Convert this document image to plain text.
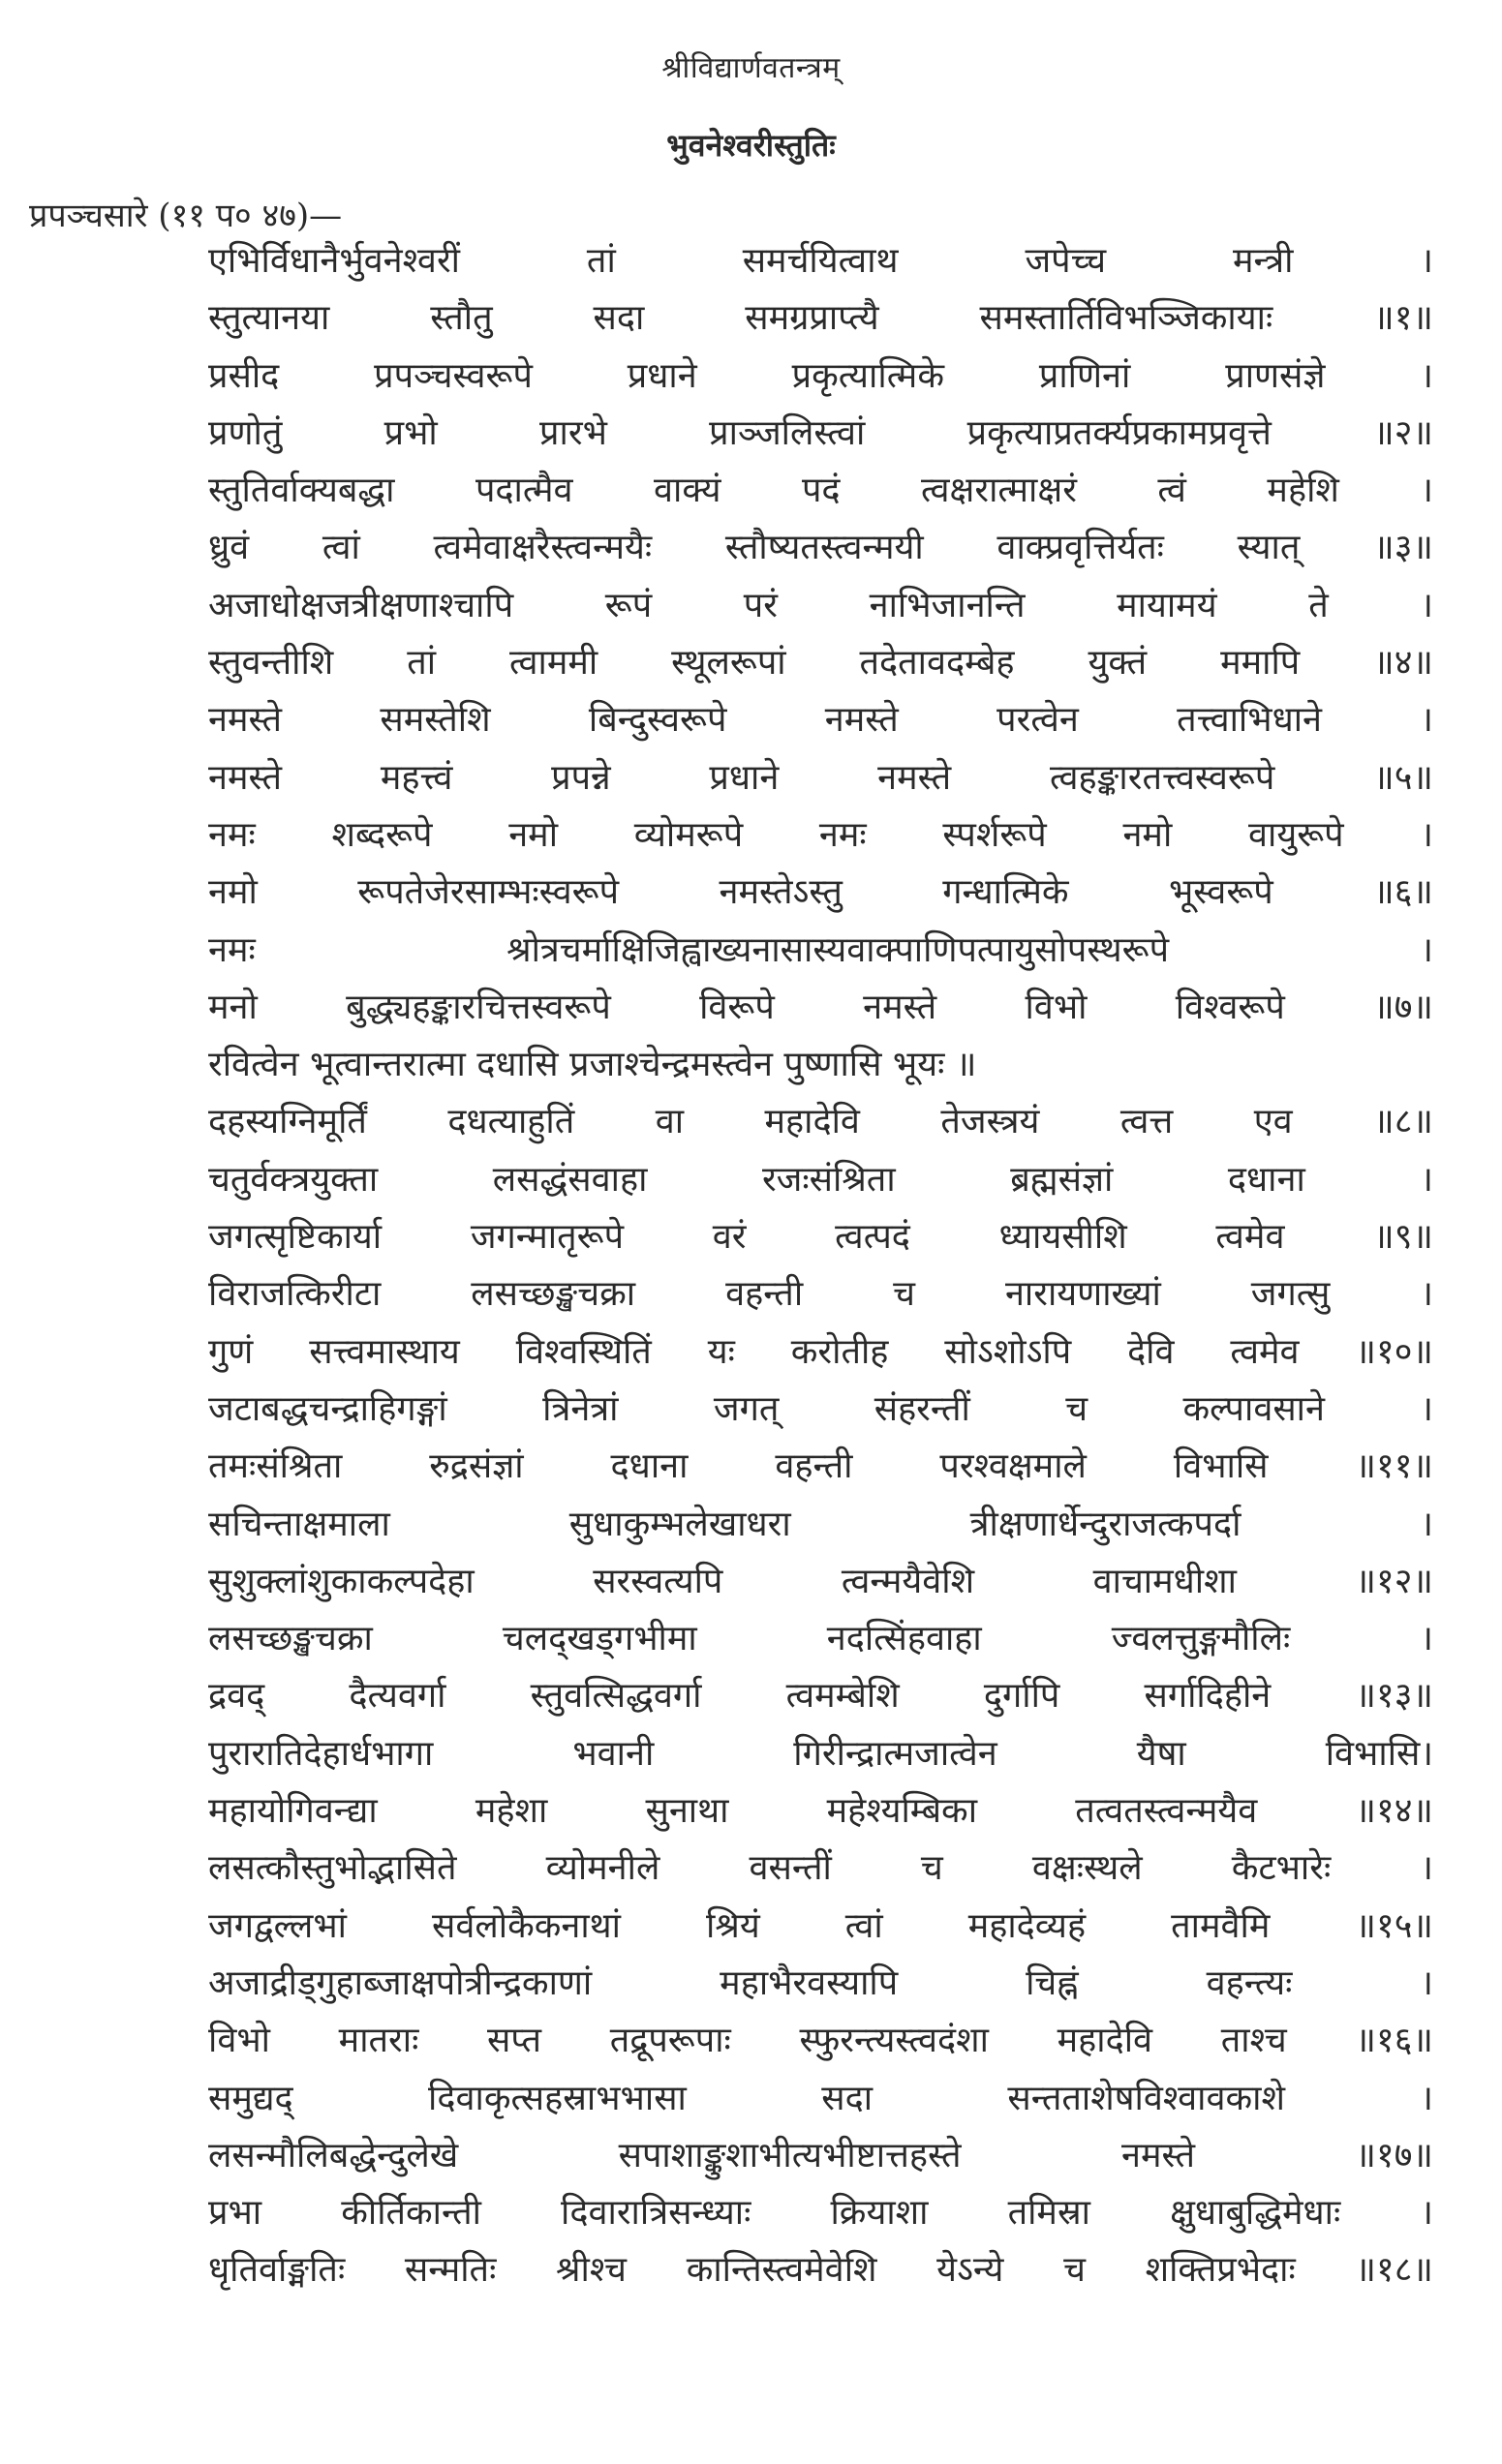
श्रीविद्यार्णवतन्त्रम्
भुवनेश्वरीस्तुतिः
प्रपञ्चसारे (११ प० ४७)—
एभिर्विधानैर्भुवनेश्वरीं तां समर्चयित्वाथ जपेच्च मन्त्री ।
स्तुत्यानया स्तौतु सदा समग्रप्राप्त्यै समस्तार्तिविभञ्जिकायाः ॥१॥
प्रसीद प्रपञ्चस्वरूपे प्रधाने प्रकृत्यात्मिके प्राणिनां प्राणसंज्ञे ।
प्रणोतुं प्रभो प्रारभे प्राञ्जलिस्त्वां प्रकृत्याप्रतर्क्यप्रकामप्रवृत्ते ॥२॥
स्तुतिर्वाक्यबद्धा पदात्मैव वाक्यं पदं त्वक्षरात्माक्षरं त्वं महेशि ।
ध्रुवं त्वां त्वमेवाक्षरैस्त्वन्मयैः स्तौष्यतस्त्वन्मयी वाक्प्रवृत्तिर्यतः स्यात् ॥३॥
अजाधोक्षजत्रीक्षणाश्चापि रूपं परं नाभिजानन्ति मायामयं ते ।
स्तुवन्तीशि तां त्वाममी स्थूलरूपां तदेतावदम्बेह युक्तं ममापि ॥४॥
नमस्ते समस्तेशि बिन्दुस्वरूपे नमस्ते परत्वेन तत्त्वाभिधाने ।
नमस्ते महत्त्वं प्रपन्ने प्रधाने नमस्ते त्वहङ्कारतत्त्वस्वरूपे ॥५॥
नमः शब्दरूपे नमो व्योमरूपे नमः स्पर्शरूपे नमो वायुरूपे ।
नमो रूपतेजेरसाम्भःस्वरूपे नमस्तेऽस्तु गन्धात्मिके भूस्वरूपे ॥६॥
नमः श्रोत्रचर्माक्षिजिह्वाख्यनासास्यवाक्पाणिपत्पायुसोपस्थरूपे ।
मनो बुद्ध्यहङ्कारचित्तस्वरूपे विरूपे नमस्ते विभो विश्वरूपे ॥७॥
रवित्वेन भूत्वान्तरात्मा दधासि प्रजाश्चेन्द्रमस्त्वेन पुष्णासि भूयः ॥
दहस्यग्निमूर्तिं दधत्याहुतिं वा महादेवि तेजस्त्रयं त्वत्त एव ॥८॥
चतुर्वक्त्रयुक्ता लसद्धंसवाहा रजःसंश्रिता ब्रह्मसंज्ञां दधाना ।
जगत्सृष्टिकार्या जगन्मातृरूपे वरं त्वत्पदं ध्यायसीशि त्वमेव ॥९॥
विराजत्किरीटा लसच्छङ्खचक्रा वहन्ती च नारायणाख्यां जगत्सु ।
गुणं सत्त्वमास्थाय विश्वस्थितिं यः करोतीह सोऽशोऽपि देवि त्वमेव ॥१०॥
जटाबद्धचन्द्राहिगङ्गां त्रिनेत्रां जगत् संहरन्तीं च कल्पावसाने ।
तमःसंश्रिता रुद्रसंज्ञां दधाना वहन्ती परश्वक्षमाले विभासि ॥११॥
सचिन्ताक्षमाला सुधाकुम्भलेखाधरा त्रीक्षणार्धेन्दुराजत्कपर्दा ।
सुशुक्लांशुकाकल्पदेहा सरस्वत्यपि त्वन्मयैवेशि वाचामधीशा ॥१२॥
लसच्छङ्खचक्रा चलद्खड्गभीमा नदत्सिंहवाहा ज्वलत्तुङ्गमौलिः ।
द्रवद् दैत्यवर्गा स्तुवत्सिद्धवर्गा त्वमम्बेशि दुर्गापि सर्गादिहीने ॥१३॥
पुरारातिदेहार्धभागा भवानी गिरीन्द्रात्मजात्वेन यैषा विभासि।
महायोगिवन्द्या महेशा सुनाथा महेश्यम्बिका तत्वतस्त्वन्मयैव ॥१४॥
लसत्कौस्तुभोद्भासिते व्योमनीले वसन्तीं च वक्षःस्थले कैटभारेः ।
जगद्वल्लभां सर्वलोकैकनाथां श्रियं त्वां महादेव्यहं तामवैमि ॥१५॥
अजाद्रीड्गुहाब्जाक्षपोत्रीन्द्रकाणां महाभैरवस्यापि चिह्नं वहन्त्यः ।
विभो मातराः सप्त तद्रूपरूपाः स्फुरन्त्यस्त्वदंशा महादेवि ताश्च ॥१६॥
समुद्यद् दिवाकृत्सहस्राभभासा सदा सन्तताशेषविश्वावकाशे ।
लसन्मौलिबद्धेन्दुलेखे सपाशाङ्कुशाभीत्यभीष्टात्तहस्ते नमस्ते ॥१७॥
प्रभा कीर्तिकान्ती दिवारात्रिसन्ध्याः क्रियाशा तमिस्रा क्षुधाबुद्धिमेधाः ।
धृतिर्वाङ्मतिः सन्मतिः श्रीश्च कान्तिस्त्वमेवेशि येऽन्ये च शक्तिप्रभेदाः ॥१८॥
